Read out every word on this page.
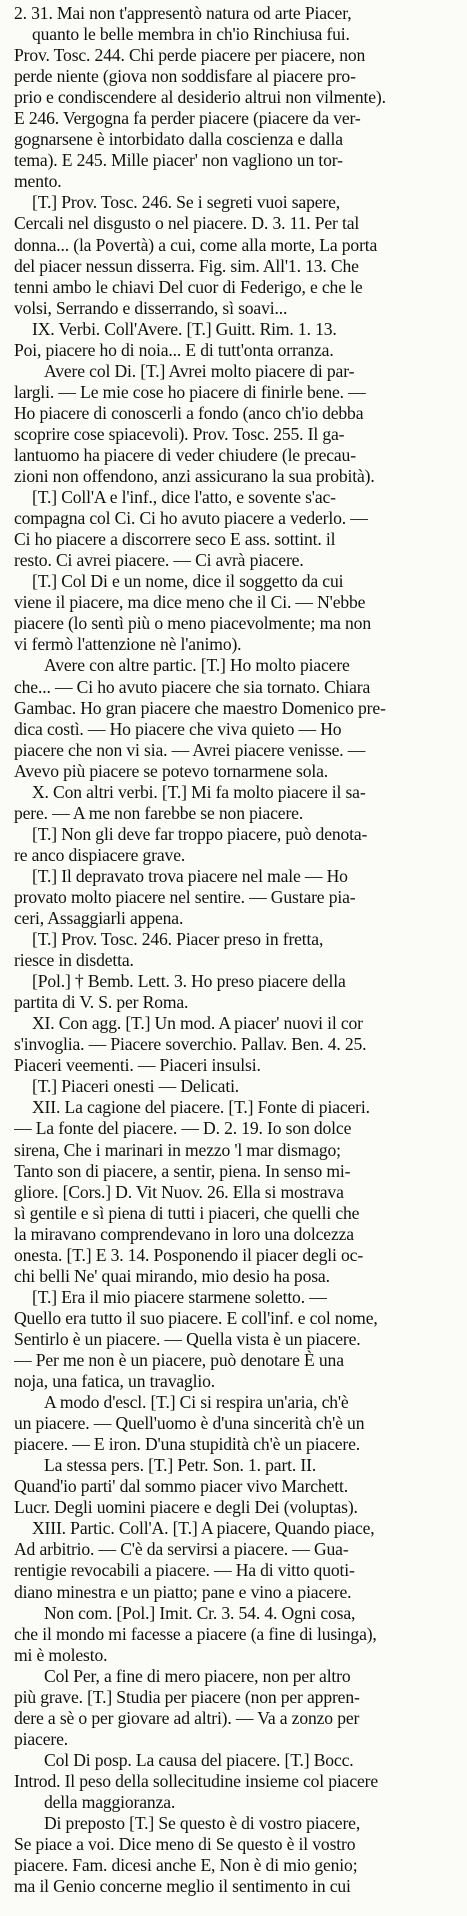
2. 31. Mai non t'appresentò natura od arte Piacer,
quanto le belle membra in ch'io Rinchiusa fui.
Prov. Tosc. 244. Chi perde piacere per piacere, non
perde niente (giova non soddisfare al piacere pro-
prio e condiscendere al desiderio altrui non vilmente).
E 246. Vergogna fa perder piacere (piacere da ver-
gognarsene è intorbidato dalla coscienza e dalla
tema). E 245. Mille piacer' non vagliono un tor-
mento.
[T.] Prov. Tosc. 246. Se i segreti vuoi sapere,
Cercali nel disgusto o nel piacere. D. 3. 11. Per tal
donna... (la Povertà) a cui, come alla morte, La porta
del piacer nessun disserra. Fig. sim. All'1. 13. Che
tenni ambo le chiavi Del cuor di Federigo, e che le
volsi, Serrando e disserrando, sì soavi...
IX. Verbi. Coll'Avere. [T.] Guitt. Rim. 1. 13.
Poi, piacere ho di noia... E di tutt'onta orranza.
Avere col Di. [T.] Avrei molto piacere di par-
largli. — Le mie cose ho piacere di finirle bene. —
Ho piacere di conoscerli a fondo (anco ch'io debba
scoprire cose spiacevoli). Prov. Tosc. 255. Il ga-
lantuomo ha piacere di veder chiudere (le precau-
zioni non offendono, anzi assicurano la sua probità).
[T.] Coll'A e l'inf., dice l'atto, e sovente s'ac-
compagna col Ci. Ci ho avuto piacere a vederlo. —
Ci ho piacere a discorrere seco E ass. sottint. il
resto. Ci avrei piacere. — Ci avrà piacere.
[T.] Col Di e un nome, dice il soggetto da cui
viene il piacere, ma dice meno che il Ci. — N'ebbe
piacere (lo sentì più o meno piacevolmente; ma non
vi fermò l'attenzione nè l'animo).
Avere con altre partic. [T.] Ho molto piacere
che... — Ci ho avuto piacere che sia tornato. Chiara
Gambac. Ho gran piacere che maestro Domenico pre-
dica costì. — Ho piacere che viva quieto — Ho
piacere che non vi sia. — Avrei piacere venisse. —
Avevo più piacere se potevo tornarmene sola.
X. Con altri verbi. [T.] Mi fa molto piacere il sa-
pere. — A me non farebbe se non piacere.
[T.] Non gli deve far troppo piacere, può denota-
re anco dispiacere grave.
[T.] Il depravato trova piacere nel male — Ho
provato molto piacere nel sentire. — Gustare pia-
ceri, Assaggiarli appena.
[T.] Prov. Tosc. 246. Piacer preso in fretta,
riesce in disdetta.
[Pol.] † Bemb. Lett. 3. Ho preso piacere della
partita di V. S. per Roma.
XI. Con agg. [T.] Un mod. A piacer' nuovi il cor
s'invoglia. — Piacere soverchio. Pallav. Ben. 4. 25.
Piaceri veementi. — Piaceri insulsi.
[T.] Piaceri onesti — Delicati.
XII. La cagione del piacere. [T.] Fonte di piaceri.
— La fonte del piacere. — D. 2. 19. Io son dolce
sirena, Che i marinari in mezzo 'l mar dismago;
Tanto son di piacere, a sentir, piena. In senso mi-
gliore. [Cors.] D. Vit Nuov. 26. Ella si mostrava
sì gentile e sì piena di tutti i piaceri, che quelli che
la miravano comprendevano in loro una dolcezza
onesta. [T.] E 3. 14. Posponendo il piacer degli oc-
chi belli Ne' quai mirando, mio desio ha posa.
[T.] Era il mio piacere starmene soletto. —
Quello era tutto il suo piacere. E coll'inf. e col nome,
Sentirlo è un piacere. — Quella vista è un piacere.
— Per me non è un piacere, può denotare È una
noja, una fatica, un travaglio.
A modo d'escl. [T.] Ci si respira un'aria, ch'è
un piacere. — Quell'uomo è d'una sincerità ch'è un
piacere. — E iron. D'una stupidità ch'è un piacere.
La stessa pers. [T.] Petr. Son. 1. part. II.
Quand'io parti' dal sommo piacer vivo Marchett.
Lucr. Degli uomini piacere e degli Dei (voluptas).
XIII. Partic. Coll'A. [T.] A piacere, Quando piace,
Ad arbitrio. — C'è da servirsi a piacere. — Gua-
rentigie revocabili a piacere. — Ha di vitto quoti-
diano minestra e un piatto; pane e vino a piacere.
Non com. [Pol.] Imit. Cr. 3. 54. 4. Ogni cosa,
che il mondo mi facesse a piacere (a fine di lusinga),
mi è molesto.
Col Per, a fine di mero piacere, non per altro
più grave. [T.] Studia per piacere (non per appren-
dere a sè o per giovare ad altri). — Va a zonzo per
piacere.
Col Di posp. La causa del piacere. [T.] Bocc.
Introd. Il peso della sollecitudine insieme col piacere
della maggioranza.
Di preposto [T.] Se questo è di vostro piacere,
Se piace a voi. Dice meno di Se questo è il vostro
piacere. Fam. dicesi anche E, Non è di mio genio;
ma il Genio concerne meglio il sentimento in cui
